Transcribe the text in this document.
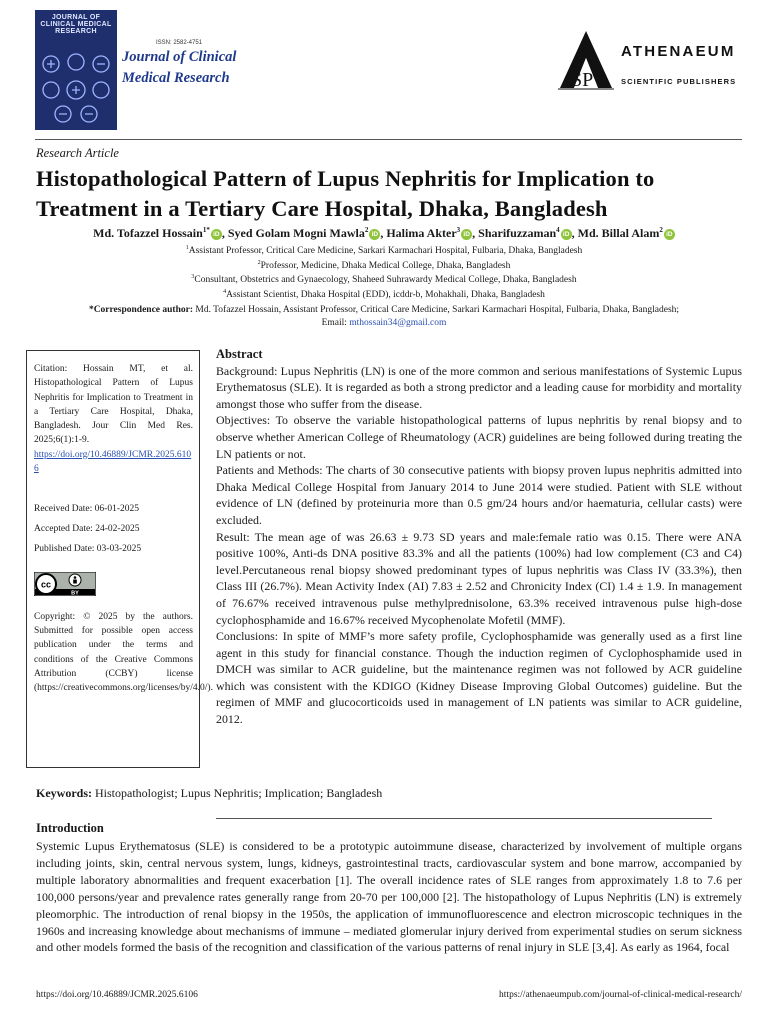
JOURNAL OF CLINICAL MEDICAL RESEARCH
ISSN: 2582-4751
Journal of Clinical
Medical Research	SP
ATHENAEUM
SCIENTIFIC PUBLISHERS
Research Article
Histopathological Pattern of Lupus Nephritis for Implication to Treatment in a Tertiary Care Hospital, Dhaka, Bangladesh
Md. Tofazzel Hossain$^{1*}$iD , Syed Golam Mogni Mawla$^2$iD , Halima Akter$^3$iD , Sharifuzzaman$^4$iD , Md. Billal Alam$^2$iD
$^1$Assistant Professor, Critical Care Medicine, Sarkari Karmachari Hospital, Fulbaria, Dhaka, Bangladesh
$^2$Professor, Medicine, Dhaka Medical College, Dhaka, Bangladesh
$^3$Consultant, Obstetrics and Gynaecology, Shaheed Suhrawardy Medical College, Dhaka, Bangladesh
$^4$Assistant Scientist, Dhaka Hospital (EDD), icddr-b, Mohakhali, Dhaka, Bangladesh
*Correspondence author: Md. Tofazzel Hossain, Assistant Professor, Critical Care Medicine, Sarkari Karmachari Hospital, Fulbaria, Dhaka, Bangladesh;
Email: mthossain34@gmail.com
Citation: Hossain MT, et al. Histopathological Pattern of Lupus Nephritis for Implication to Treatment in a Tertiary Care Hospital, Dhaka, Bangladesh. Jour Clin Med Res. 2025;6(1):1-9.
https://doi.org/10.46889/JCMR.2025.6106
Received Date: 06-01-2025
Accepted Date: 24-02-2025
Published Date: 03-03-2025
cc
BY
Copyright: © 2025 by the authors. Submitted for possible open access publication under the terms and conditions of the Creative Commons Attribution (CCBY) license (https://creativecommons.org/licenses/by/4.0/).
Abstract

Background: Lupus Nephritis (LN) is one of the more common and serious manifestations of Systemic Lupus Erythematosus (SLE). It is regarded as both a strong predictor and a leading cause for morbidity and mortality amongst those who suffer from the disease.

Objectives: To observe the variable histopathological patterns of lupus nephritis by renal biopsy and to observe whether American College of Rheumatology (ACR) guidelines are being followed during treating the LN patients or not.

Patients and Methods: The charts of 30 consecutive patients with biopsy proven lupus nephritis admitted into Dhaka Medical College Hospital from January 2014 to June 2014 were studied. Patient with SLE without evidence of LN (defined by proteinuria more than 0.5 gm/24 hours and/or haematuria, cellular casts) were excluded.

Result: The mean age of was 26.63 ± 9.73 SD years and male:female ratio was 0.15. There were ANA positive 100%, Anti-ds DNA positive 83.3% and all the patients (100%) had low complement (C3 and C4) level.Percutaneous renal biopsy showed predominant types of lupus nephritis was Class IV (33.3%), then Class III (26.7%). Mean Activity Index (AI) 7.83 ± 2.52 and Chronicity Index (CI) 1.4 ± 1.9. In management of 76.67% received intravenous pulse methylprednisolone, 63.3% received intravenous pulse high-dose cyclophosphamide and 16.67% received Mycophenolate Mofetil (MMF).

Conclusions: In spite of MMF’s more safety profile, Cyclophosphamide was generally used as a first line agent in this study for financial constance. Though the induction regimen of Cyclophosphamide used in DMCH was similar to ACR guideline, but the maintenance regimen was not followed by ACR guideline which was consistent with the KDIGO (Kidney Disease Improving Global Outcomes) guideline. But the regimen of MMF and glucocorticoids used in management of LN patients was similar to ACR guideline, 2012.

Keywords: Histopathologist; Lupus Nephritis; Implication; Bangladesh
Introduction
Systemic Lupus Erythematosus (SLE) is considered to be a prototypic autoimmune disease, characterized by involvement of multiple organs including joints, skin, central nervous system, lungs, kidneys, gastrointestinal tracts, cardiovascular system and bone marrow, accompanied by multiple laboratory abnormalities and frequent exacerbation [1]. The overall incidence rates of SLE ranges from approximately 1.8 to 7.6 per 100,000 persons/year and prevalence rates generally range from 20-70 per 100,000 [2]. The histopathology of Lupus Nephritis (LN) is extremely pleomorphic. The introduction of renal biopsy in the 1950s, the application of immunofluorescence and electron microscopic techniques in the 1960s and increasing knowledge about mechanisms of immune – mediated glomerular injury derived from experimental studies on serum sickness and other models formed the basis of the recognition and classification of the various patterns of renal injury in SLE [3,4]. As early as 1964, focal
https://doi.org/10.46889/JCMR.2025.6106	https://athenaeumpub.com/journal-of-clinical-medical-research/
